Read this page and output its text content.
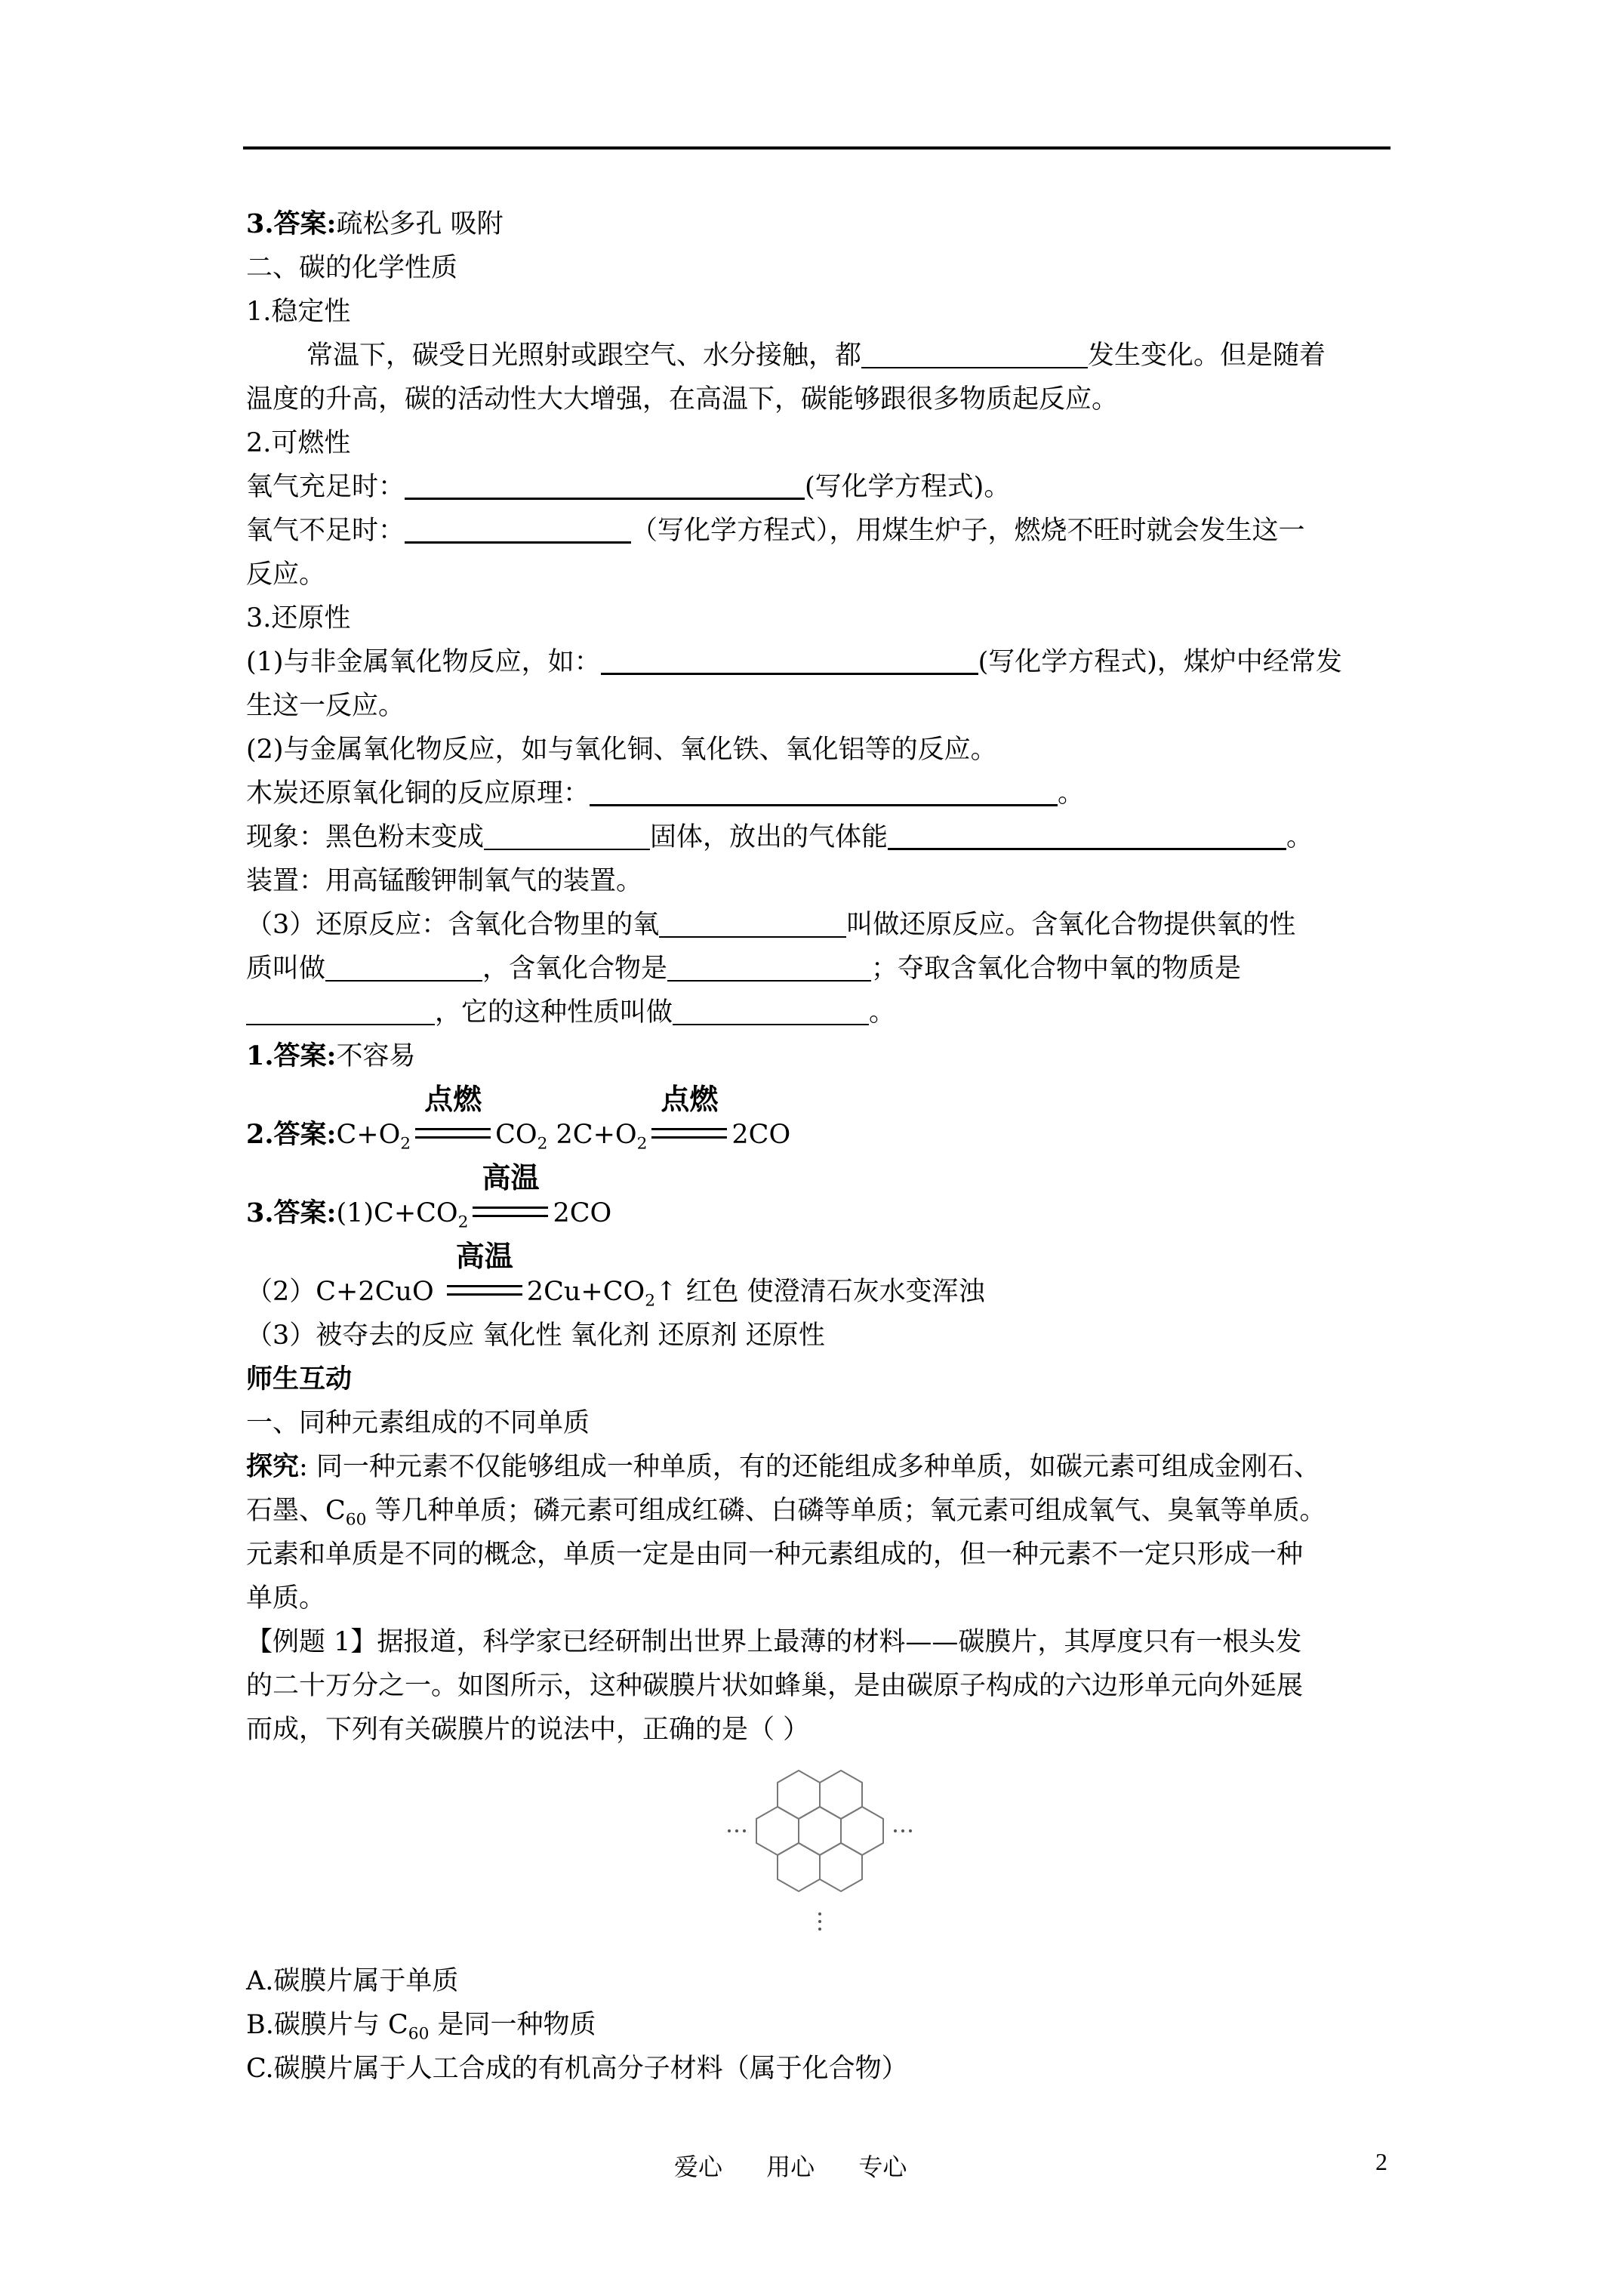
3.答案:疏松多孔 吸附
二、碳的化学性质
1.稳定性
常温下，碳受日光照射或跟空气、水分接触，都	发生变化。但是随着
温度的升高，碳的活动性大大增强，在高温下，碳能够跟很多物质起反应。
2.可燃性
氧气充足时：	(写化学方程式)。
氧气不足时：	（写化学方程式），用煤生炉子，燃烧不旺时就会发生这一
反应。
3.还原性
(1)与非金属氧化物反应，如：	(写化学方程式)，煤炉中经常发
生这一反应。
(2)与金属氧化物反应，如与氧化铜、氧化铁、氧化铝等的反应。
木炭还原氧化铜的反应原理：	。
现象：黑色粉末变成	固体，放出的气体能	。
装置：用高锰酸钾制氧气的装置。
（3）还原反应：含氧化合物里的氧	叫做还原反应。含氧化合物提供氧的性
质叫做	，含氧化合物是	；夺取含氧化合物中氧的物质是
，它的这种性质叫做	。
1.答案:不容易
2.答案$:C+O_2$
点燃
$CO_2$ $2C+O_2$
点燃
2CO
3.答案$:(1)C+CO_2$
高温
2CO
（2）C+2CuO
高温
$2Cu+CO_2↑$ 红色 使澄清石灰水变浑浊
（3）被夺去的反应 氧化性 氧化剂 还原剂 还原性
师生互动
一、同种元素组成的不同单质
探究: 同一种元素不仅能够组成一种单质，有的还能组成多种单质，如碳元素可组成金刚石、
石墨、$C_{60}$ 等几种单质；磷元素可组成红磷、白磷等单质；氧元素可组成氧气、臭氧等单质。
元素和单质是不同的概念，单质一定是由同一种元素组成的，但一种元素不一定只形成一种
单质。
【例题 1】据报道，科学家已经研制出世界上最薄的材料——碳膜片，其厚度只有一根头发
的二十万分之一。如图所示，这种碳膜片状如蜂巢，是由碳原子构成的六边形单元向外延展
而成，下列有关碳膜片的说法中，正确的是（ ）
A.碳膜片属于单质
B.碳膜片与 $C_{60}$ 是同一种物质
C.碳膜片属于人工合成的有机高分子材料（属于化合物）
爱心 用心 专心	2
